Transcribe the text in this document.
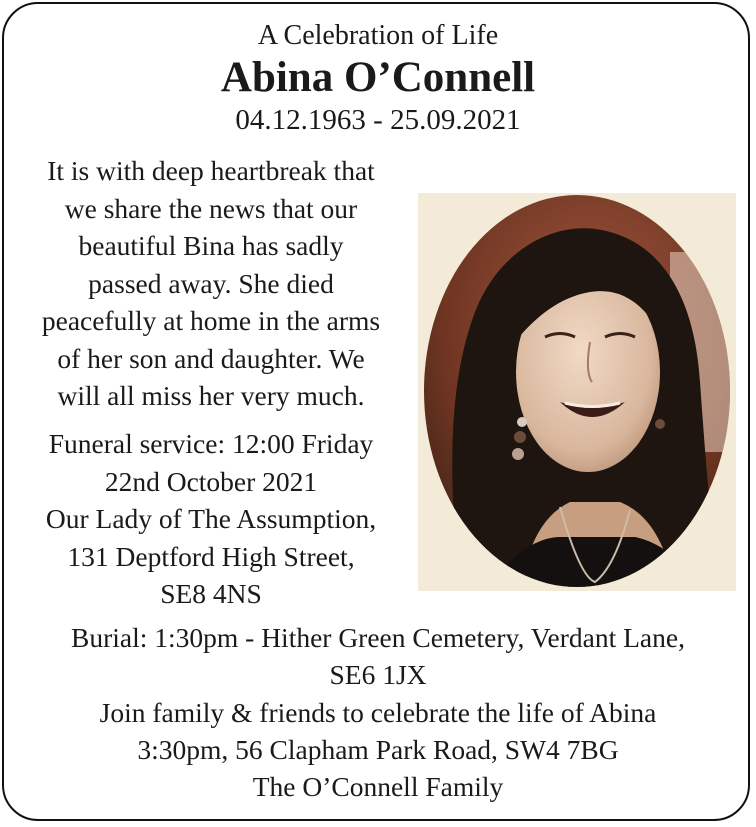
A Celebration of Life
Abina O’Connell
04.12.1963 - 25.09.2021
It is with deep heartbreak that
we share the news that our
beautiful Bina has sadly
passed away. She died
peacefully at home in the arms
of her son and daughter. We
will all miss her very much.
Funeral service: 12:00 Friday
22nd October 2021
Our Lady of The Assumption,
131 Deptford High Street,
SE8 4NS
Burial: 1:30pm - Hither Green Cemetery, Verdant Lane,
SE6 1JX
Join family & friends to celebrate the life of Abina
3:30pm, 56 Clapham Park Road, SW4 7BG
The O’Connell Family
